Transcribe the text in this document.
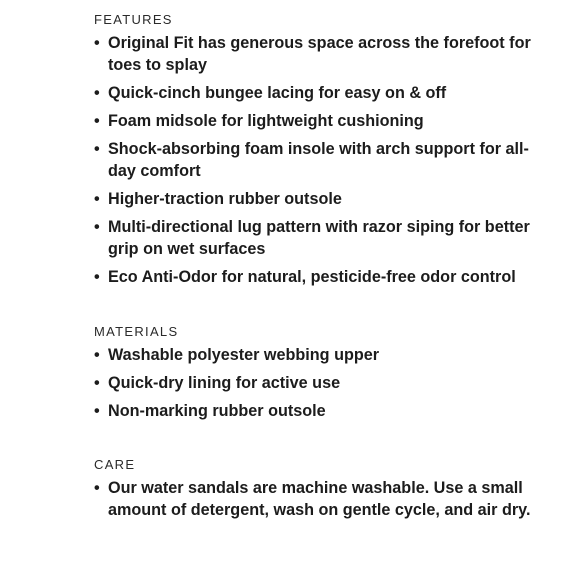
FEATURES
• Original Fit has generous space across the forefoot for toes to splay
• Quick-cinch bungee lacing for easy on & off
• Foam midsole for lightweight cushioning
• Shock-absorbing foam insole with arch support for all-day comfort
• Higher-traction rubber outsole
• Multi-directional lug pattern with razor siping for better grip on wet surfaces
• Eco Anti-Odor for natural, pesticide-free odor control
MATERIALS
• Washable polyester webbing upper
• Quick-dry lining for active use
• Non-marking rubber outsole
CARE
• Our water sandals are machine washable. Use a small amount of detergent, wash on gentle cycle, and air dry.
